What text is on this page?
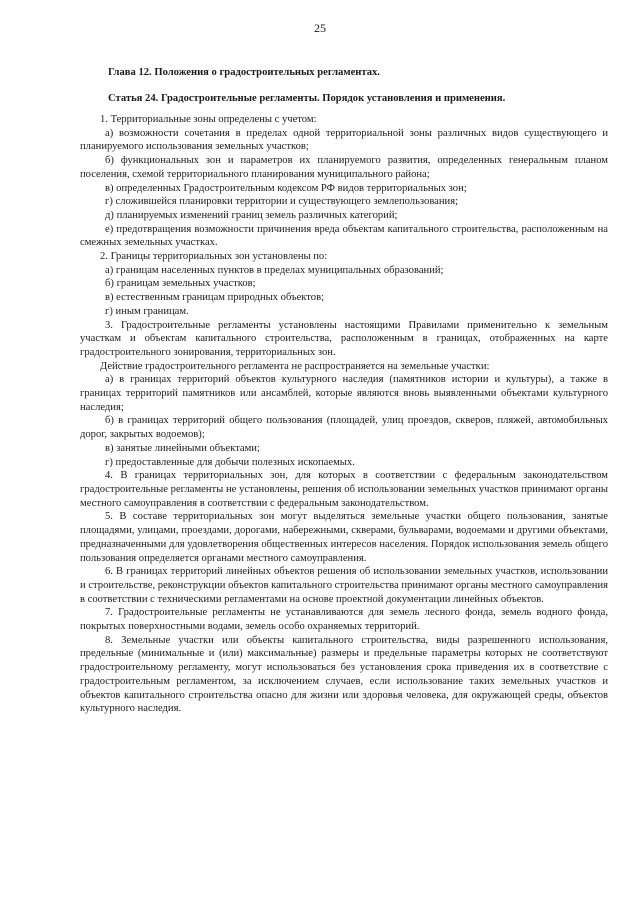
25
Глава 12. Положения о градостроительных регламентах.
Статья 24. Градостроительные регламенты. Порядок установления и применения.

1. Территориальные зоны определены с учетом:

а) возможности сочетания в пределах одной территориальной зоны различных видов существующего и планируемого использования земельных участков;

б) функциональных зон и параметров их планируемого развития, определенных генеральным планом поселения, схемой территориального планирования муниципального района;

в) определенных Градостроительным кодексом РФ видов территориальных зон;

г) сложившейся планировки территории и существующего землепользования;

д) планируемых изменений границ земель различных категорий;

е) предотвращения возможности причинения вреда объектам капитального строительства, расположенным на смежных земельных участках.

2. Границы территориальных зон установлены по:

а) границам населенных пунктов в пределах муниципальных образований;

б) границам земельных участков;

в) естественным границам природных объектов;

г) иным границам.

3. Градостроительные регламенты установлены настоящими Правилами применительно к земельным участкам и объектам капитального строительства, расположенным в границах, отображенных на карте градостроительного зонирования, территориальных зон.

Действие градостроительного регламента не распространяется на земельные участки:

а) в границах территорий объектов культурного наследия (памятников истории и культуры), а также в границах территорий памятников или ансамблей, которые являются вновь выявленными объектами культурного наследия;

б) в границах территорий общего пользования (площадей, улиц проездов, скверов, пляжей, автомобильных дорог, закрытых водоемов);

в) занятые линейными объектами;

г) предоставленные для добычи полезных ископаемых.

4. В границах территориальных зон, для которых в соответствии с федеральным законодательством градостроительные регламенты не установлены, решения об использовании земельных участков принимают органы местного самоуправления в соответствии с федеральным законодательством.

5. В составе территориальных зон могут выделяться земельные участки общего пользования, занятые площадями, улицами, проездами, дорогами, набережными, скверами, бульварами, водоемами и другими объектами, предназначенными для удовлетворения общественных интересов населения. Порядок использования земель общего пользования определяется органами местного самоуправления.

6. В границах территорий линейных объектов решения об использовании земельных участков, использовании и строительстве, реконструкции объектов капитального строительства принимают органы местного самоуправления в соответствии с техническими регламентами на основе проектной документации линейных объектов.

7. Градостроительные регламенты не устанавливаются для земель лесного фонда, земель водного фонда, покрытых поверхностными водами, земель особо охраняемых территорий.

8. Земельные участки или объекты капитального строительства, виды разрешенного использования, предельные (минимальные и (или) максимальные) размеры и предельные параметры которых не соответствуют градостроительному регламенту, могут использоваться без установления срока приведения их в соответствие с градостроительным регламентом, за исключением случаев, если использование таких земельных участков и объектов капитального строительства опасно для жизни или здоровья человека, для окружающей среды, объектов культурного наследия.
